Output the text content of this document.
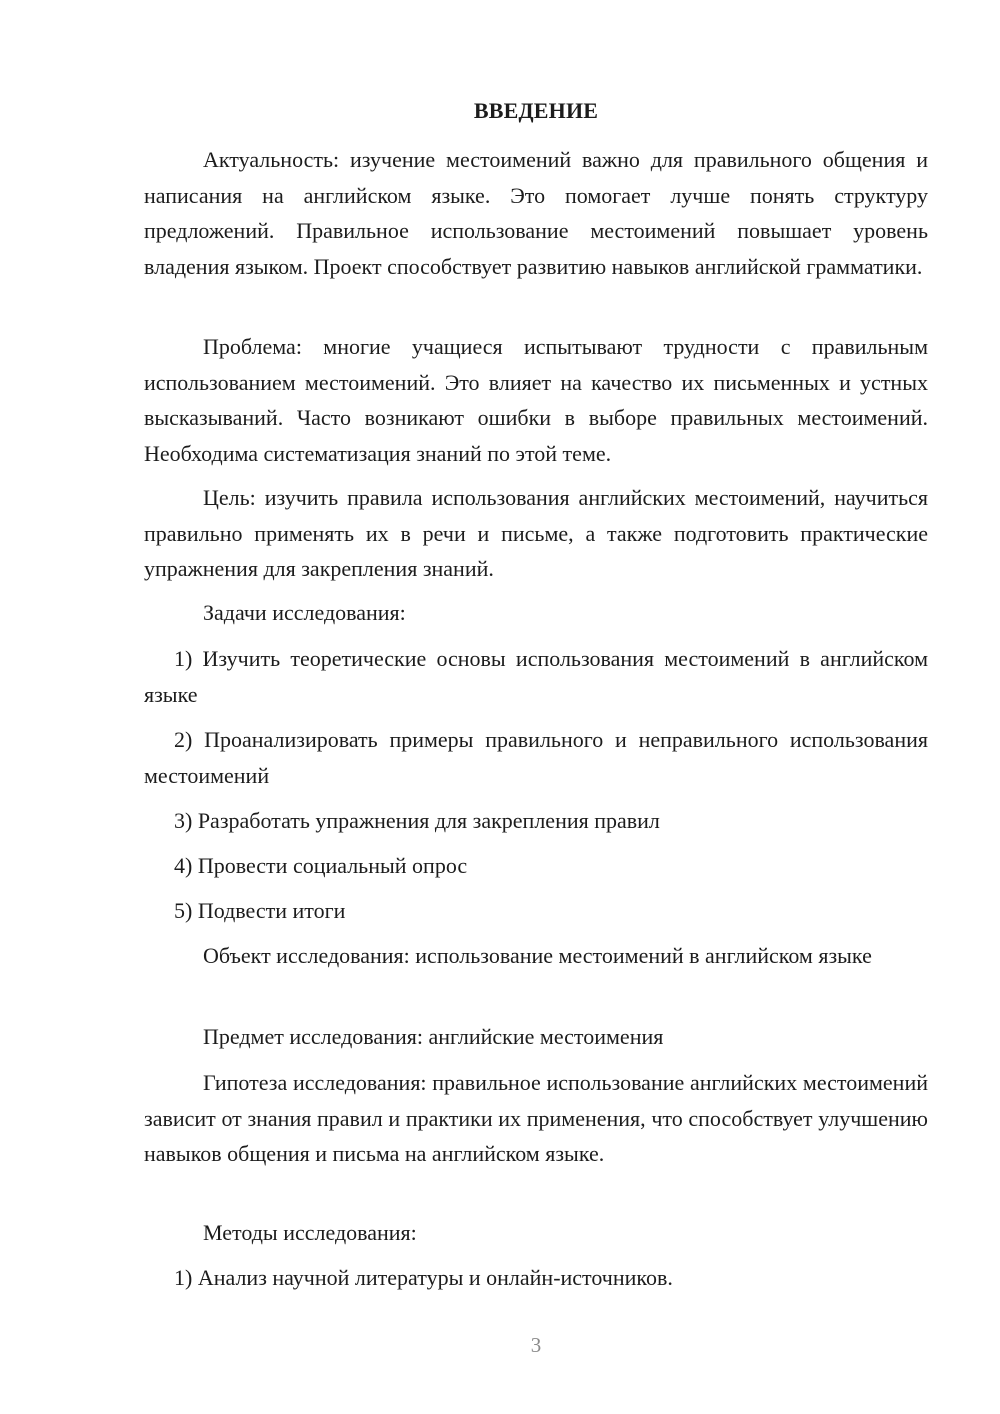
ВВЕДЕНИЕ

Актуальность: изучение местоимений важно для правильного общения и написания на английском языке. Это помогает лучше понять структуру предложений. Правильное использование местоимений повышает уровень владения языком. Проект способствует развитию навыков английской грамматики.

Проблема: многие учащиеся испытывают трудности с правильным использованием местоимений. Это влияет на качество их письменных и устных высказываний. Часто возникают ошибки в выборе правильных местоимений. Необходима систематизация знаний по этой теме.

Цель: изучить правила использования английских местоимений, научиться правильно применять их в речи и письме, а также подготовить практические упражнения для закрепления знаний.

Задачи исследования:

1) Изучить теоретические основы использования местоимений в английском языке

2) Проанализировать примеры правильного и неправильного использования местоимений

3) Разработать упражнения для закрепления правил

4) Провести социальный опрос

5) Подвести итоги

Объект исследования: использование местоимений в английском языке

Предмет исследования: английские местоимения

Гипотеза исследования: правильное использование английских местоимений зависит от знания правил и практики их применения, что способствует улучшению навыков общения и письма на английском языке.

Методы исследования:

1) Анализ научной литературы и онлайн-источников.

3
